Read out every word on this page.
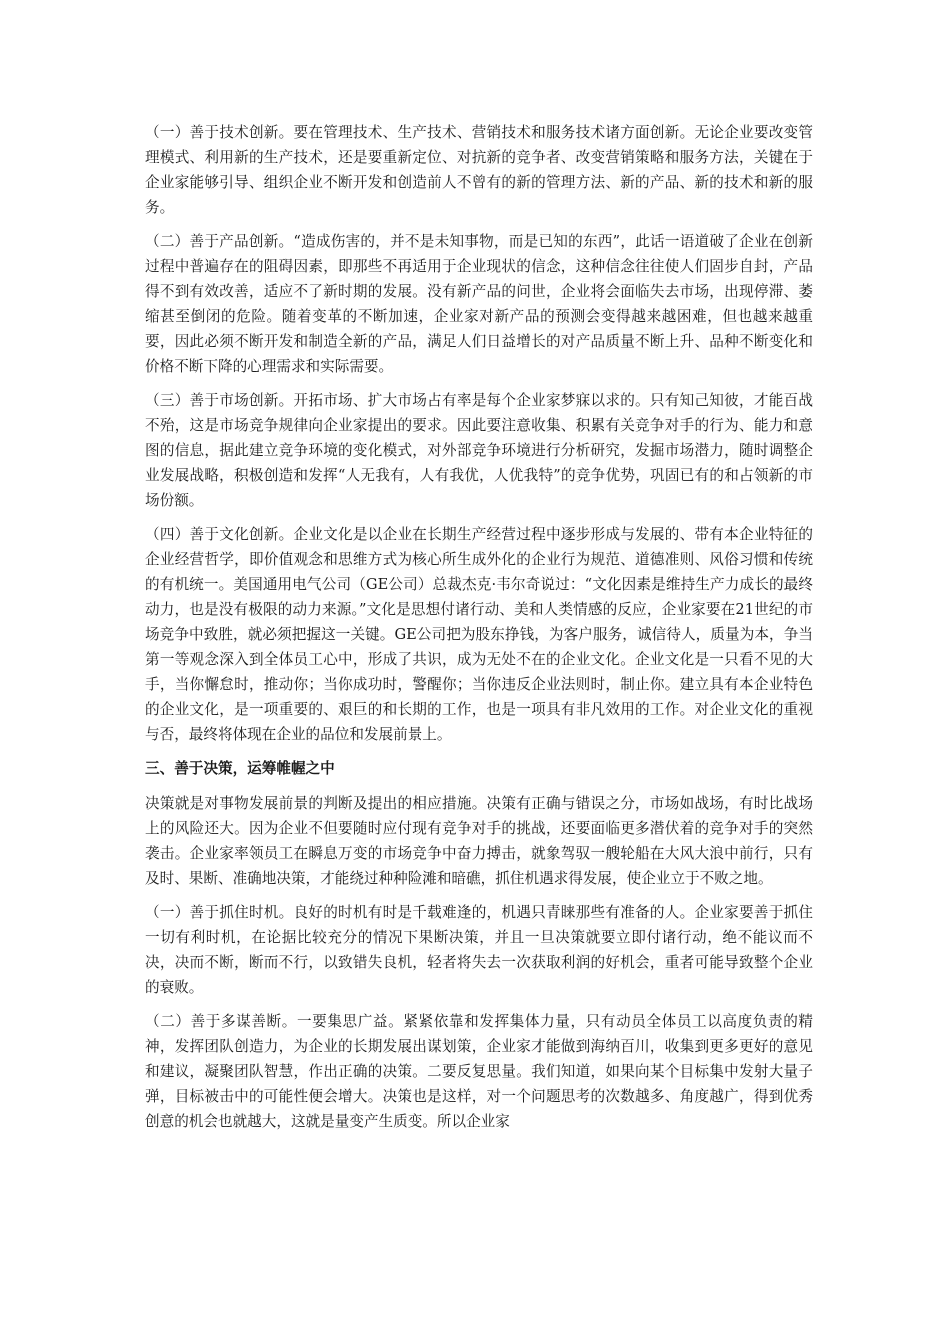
（一）善于技术创新。要在管理技术、生产技术、营销技术和服务技术诸方面创新。无论企业要改变管理模式、利用新的生产技术，还是要重新定位、对抗新的竞争者、改变营销策略和服务方法，关键在于企业家能够引导、组织企业不断开发和创造前人不曾有的新的管理方法、新的产品、新的技术和新的服务。

（二）善于产品创新。“造成伤害的，并不是未知事物，而是已知的东西”，此话一语道破了企业在创新过程中普遍存在的阻碍因素，即那些不再适用于企业现状的信念，这种信念往往使人们固步自封，产品得不到有效改善，适应不了新时期的发展。没有新产品的问世，企业将会面临失去市场，出现停滞、萎缩甚至倒闭的危险。随着变革的不断加速，企业家对新产品的预测会变得越来越困难，但也越来越重要，因此必须不断开发和制造全新的产品，满足人们日益增长的对产品质量不断上升、品种不断变化和价格不断下降的心理需求和实际需要。

（三）善于市场创新。开拓市场、扩大市场占有率是每个企业家梦寐以求的。只有知己知彼，才能百战不殆，这是市场竞争规律向企业家提出的要求。因此要注意收集、积累有关竞争对手的行为、能力和意图的信息，据此建立竞争环境的变化模式，对外部竞争环境进行分析研究，发掘市场潜力，随时调整企业发展战略，积极创造和发挥“人无我有，人有我优，人优我特”的竞争优势，巩固已有的和占领新的市场份额。

（四）善于文化创新。企业文化是以企业在长期生产经营过程中逐步形成与发展的、带有本企业特征的企业经营哲学，即价值观念和思维方式为核心所生成外化的企业行为规范、道德准则、风俗习惯和传统的有机统一。美国通用电气公司（GE公司）总裁杰克·韦尔奇说过：“文化因素是维持生产力成长的最终动力，也是没有极限的动力来源。”文化是思想付诸行动、美和人类情感的反应，企业家要在21世纪的市场竞争中致胜，就必须把握这一关键。GE公司把为股东挣钱，为客户服务，诚信待人，质量为本，争当第一等观念深入到全体员工心中，形成了共识，成为无处不在的企业文化。企业文化是一只看不见的大手，当你懈怠时，推动你；当你成功时，警醒你；当你违反企业法则时，制止你。建立具有本企业特色的企业文化，是一项重要的、艰巨的和长期的工作，也是一项具有非凡效用的工作。对企业文化的重视与否，最终将体现在企业的品位和发展前景上。

三、善于决策，运筹帷幄之中

决策就是对事物发展前景的判断及提出的相应措施。决策有正确与错误之分，市场如战场，有时比战场上的风险还大。因为企业不但要随时应付现有竞争对手的挑战，还要面临更多潜伏着的竞争对手的突然袭击。企业家率领员工在瞬息万变的市场竞争中奋力搏击，就象驾驭一艘轮船在大风大浪中前行，只有及时、果断、准确地决策，才能绕过种种险滩和暗礁，抓住机遇求得发展，使企业立于不败之地。

（一）善于抓住时机。良好的时机有时是千载难逢的，机遇只青睐那些有准备的人。企业家要善于抓住一切有利时机，在论据比较充分的情况下果断决策，并且一旦决策就要立即付诸行动，绝不能议而不决，决而不断，断而不行，以致错失良机，轻者将失去一次获取利润的好机会，重者可能导致整个企业的衰败。

（二）善于多谋善断。一要集思广益。紧紧依靠和发挥集体力量，只有动员全体员工以高度负责的精神，发挥团队创造力，为企业的长期发展出谋划策，企业家才能做到海纳百川，收集到更多更好的意见和建议，凝聚团队智慧，作出正确的决策。二要反复思量。我们知道，如果向某个目标集中发射大量子弹，目标被击中的可能性便会增大。决策也是这样，对一个问题思考的次数越多、角度越广，得到优秀创意的机会也就越大，这就是量变产生质变。所以企业家
